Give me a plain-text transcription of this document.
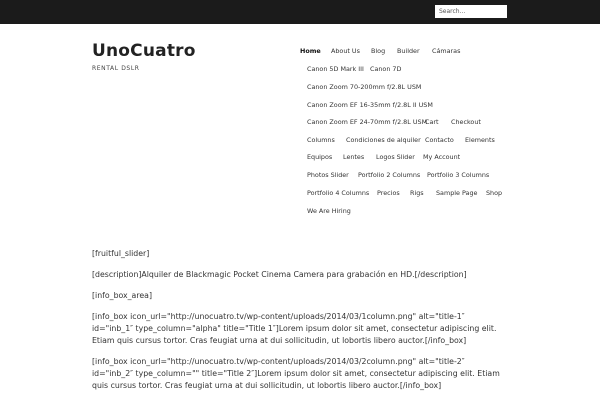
Search...
UnoCuatro
RENTAL DSLR
Home About Us Blog Builder Cámaras
Canon 5D Mark III Canon 7D
Canon Zoom 70-200mm f/2.8L USM
Canon Zoom EF 16-35mm f/2.8L II USM
Canon Zoom EF 24-70mm f/2.8L USM
Cart Checkout
Columns Condiciones de alquiler Contacto Elements
Equipos Lentes Logos Slider My Account
Photos Slider Portfolio 2 Columns Portfolio 3 Columns
Portfolio 4 Columns Precios Rigs Sample Page Shop
We Are Hiring

[fruitful_slider]

[description]Alquiler de Blackmagic Pocket Cinema Camera para grabación en HD.[/description]

[info_box_area]

[info_box icon_url="http://unocuatro.tv/wp-content/uploads/2014/03/1column.png" alt="title-1″ id="inb_1″ type_column="alpha" title="Title 1″]Lorem ipsum dolor sit amet, consectetur adipiscing elit. Etiam quis cursus tortor. Cras feugiat urna at dui sollicitudin, ut lobortis libero auctor.[/info_box]

[info_box icon_url="http://unocuatro.tv/wp-content/uploads/2014/03/2column.png" alt="title-2″ id="inb_2″ type_column="" title="Title 2″]Lorem ipsum dolor sit amet, consectetur adipiscing elit. Etiam quis cursus tortor. Cras feugiat urna at dui sollicitudin, ut lobortis libero auctor.[/info_box]
